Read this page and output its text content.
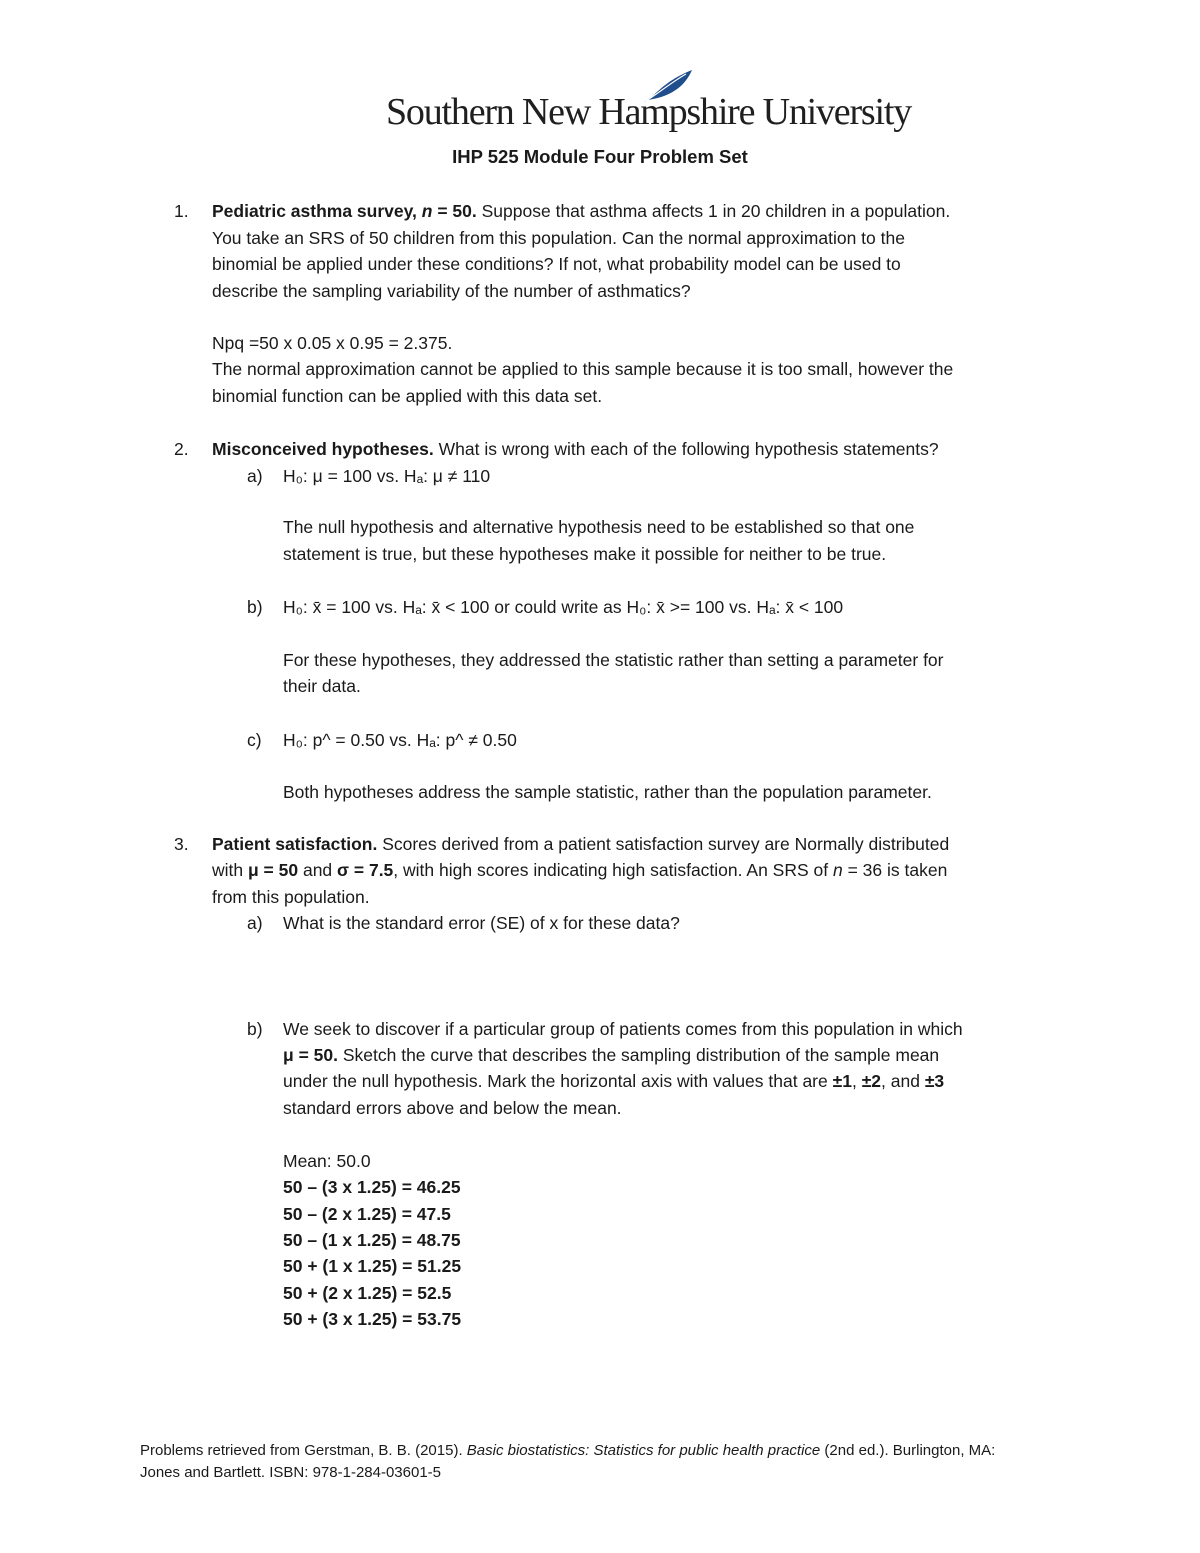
Southern New Hampshire University
IHP 525 Module Four Problem Set
1. Pediatric asthma survey, n = 50. Suppose that asthma affects 1 in 20 children in a population.
You take an SRS of 50 children from this population. Can the normal approximation to the
binomial be applied under these conditions? If not, what probability model can be used to
describe the sampling variability of the number of asthmatics?
Npq =50 x 0.05 x 0.95 = 2.375.
The normal approximation cannot be applied to this sample because it is too small, however the
binomial function can be applied with this data set.
2. Misconceived hypotheses. What is wrong with each of the following hypothesis statements?
a) H₀: μ = 100 vs. Hₐ: μ ≠ 110
The null hypothesis and alternative hypothesis need to be established so that one
statement is true, but these hypotheses make it possible for neither to be true.
b) H₀: x̄ = 100 vs. Hₐ: x̄ < 100 or could write as H₀: x̄ >= 100 vs. Hₐ: x̄ < 100
For these hypotheses, they addressed the statistic rather than setting a parameter for
their data.
c) H₀: p^ = 0.50 vs. Hₐ: p^ ≠ 0.50
Both hypotheses address the sample statistic, rather than the population parameter.
3. Patient satisfaction. Scores derived from a patient satisfaction survey are Normally distributed
with μ = 50 and σ = 7.5, with high scores indicating high satisfaction. An SRS of n = 36 is taken
from this population.
a) What is the standard error (SE) of x for these data?
b) We seek to discover if a particular group of patients comes from this population in which
μ = 50. Sketch the curve that describes the sampling distribution of the sample mean
under the null hypothesis. Mark the horizontal axis with values that are ±1, ±2, and ±3
standard errors above and below the mean.
Mean: 50.0
50 – (3 x 1.25) = 46.25
50 – (2 x 1.25) = 47.5
50 – (1 x 1.25) = 48.75
50 + (1 x 1.25) = 51.25
50 + (2 x 1.25) = 52.5
50 + (3 x 1.25) = 53.75
Problems retrieved from Gerstman, B. B. (2015). Basic biostatistics: Statistics for public health practice (2nd ed.). Burlington, MA:
Jones and Bartlett. ISBN: 978-1-284-03601-5
